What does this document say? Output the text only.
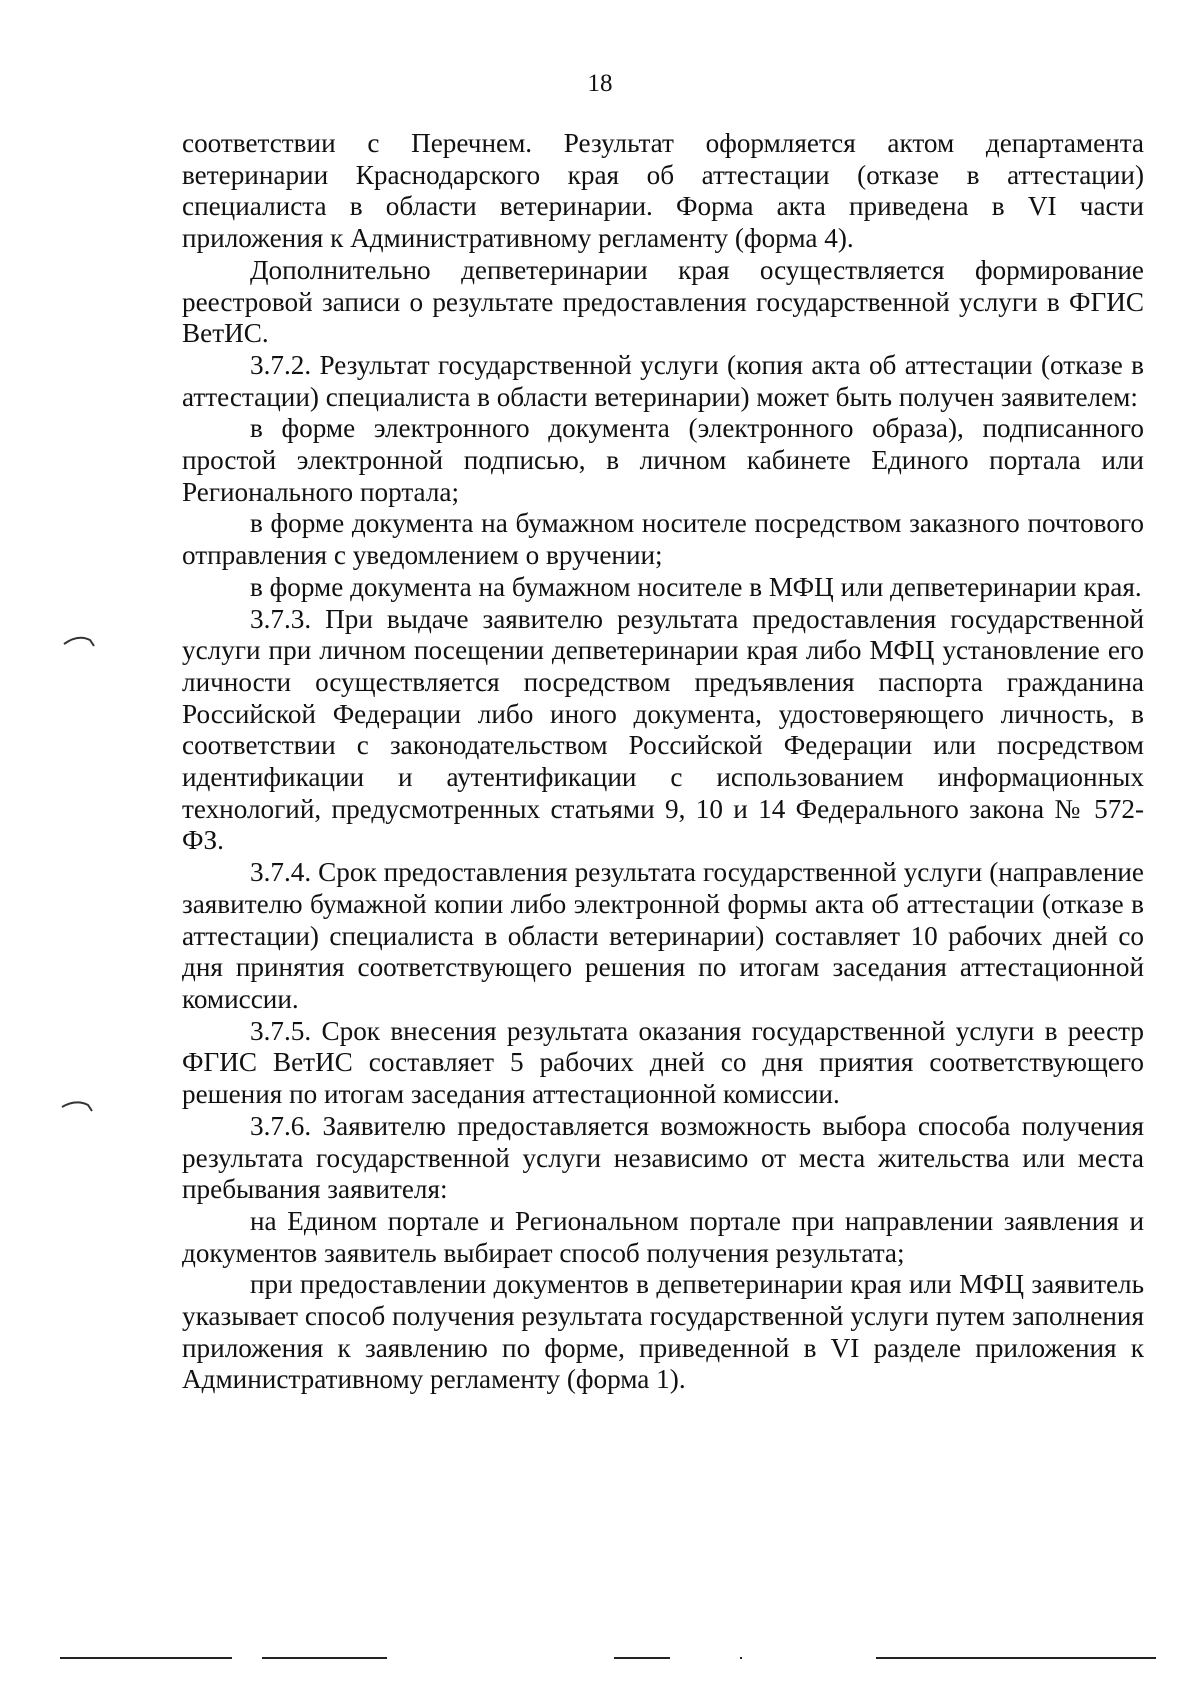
18

соответствии с Перечнем. Результат оформляется актом департамента ветеринарии Краснодарского края об аттестации (отказе в аттестации) специалиста в области ветеринарии. Форма акта приведена в VI части приложения к Административному регламенту (форма 4).

Дополнительно депветеринарии края осуществляется формирование реестровой записи о результате предоставления государственной услуги в ФГИС ВетИС.

3.7.2. Результат государственной услуги (копия акта об аттестации (отказе в аттестации) специалиста в области ветеринарии) может быть получен заявителем:

в форме электронного документа (электронного образа), подписанного простой электронной подписью, в личном кабинете Единого портала или Регионального портала;

в форме документа на бумажном носителе посредством заказного почтового отправления с уведомлением о вручении;

в форме документа на бумажном носителе в МФЦ или депветеринарии края.

3.7.3. При выдаче заявителю результата предоставления государственной услуги при личном посещении депветеринарии края либо МФЦ установление его личности осуществляется посредством предъявления паспорта гражданина Российской Федерации либо иного документа, удостоверяющего личность, в соответствии с законодательством Российской Федерации или посредством идентификации и аутентификации с использованием информационных технологий, предусмотренных статьями 9, 10 и 14 Федерального закона № 572-ФЗ.

3.7.4. Срок предоставления результата государственной услуги (направление заявителю бумажной копии либо электронной формы акта об аттестации (отказе в аттестации) специалиста в области ветеринарии) составляет 10 рабочих дней со дня принятия соответствующего решения по итогам заседания аттестационной комиссии.

3.7.5. Срок внесения результата оказания государственной услуги в реестр ФГИС ВетИС составляет 5 рабочих дней со дня приятия соответствующего решения по итогам заседания аттестационной комиссии.

3.7.6. Заявителю предоставляется возможность выбора способа получения результата государственной услуги независимо от места жительства или места пребывания заявителя:

на Едином портале и Региональном портале при направлении заявления и документов заявитель выбирает способ получения результата;

при предоставлении документов в депветеринарии края или МФЦ заявитель указывает способ получения результата государственной услуги путем заполнения приложения к заявлению по форме, приведенной в VI разделе приложения к Административному регламенту (форма 1).
